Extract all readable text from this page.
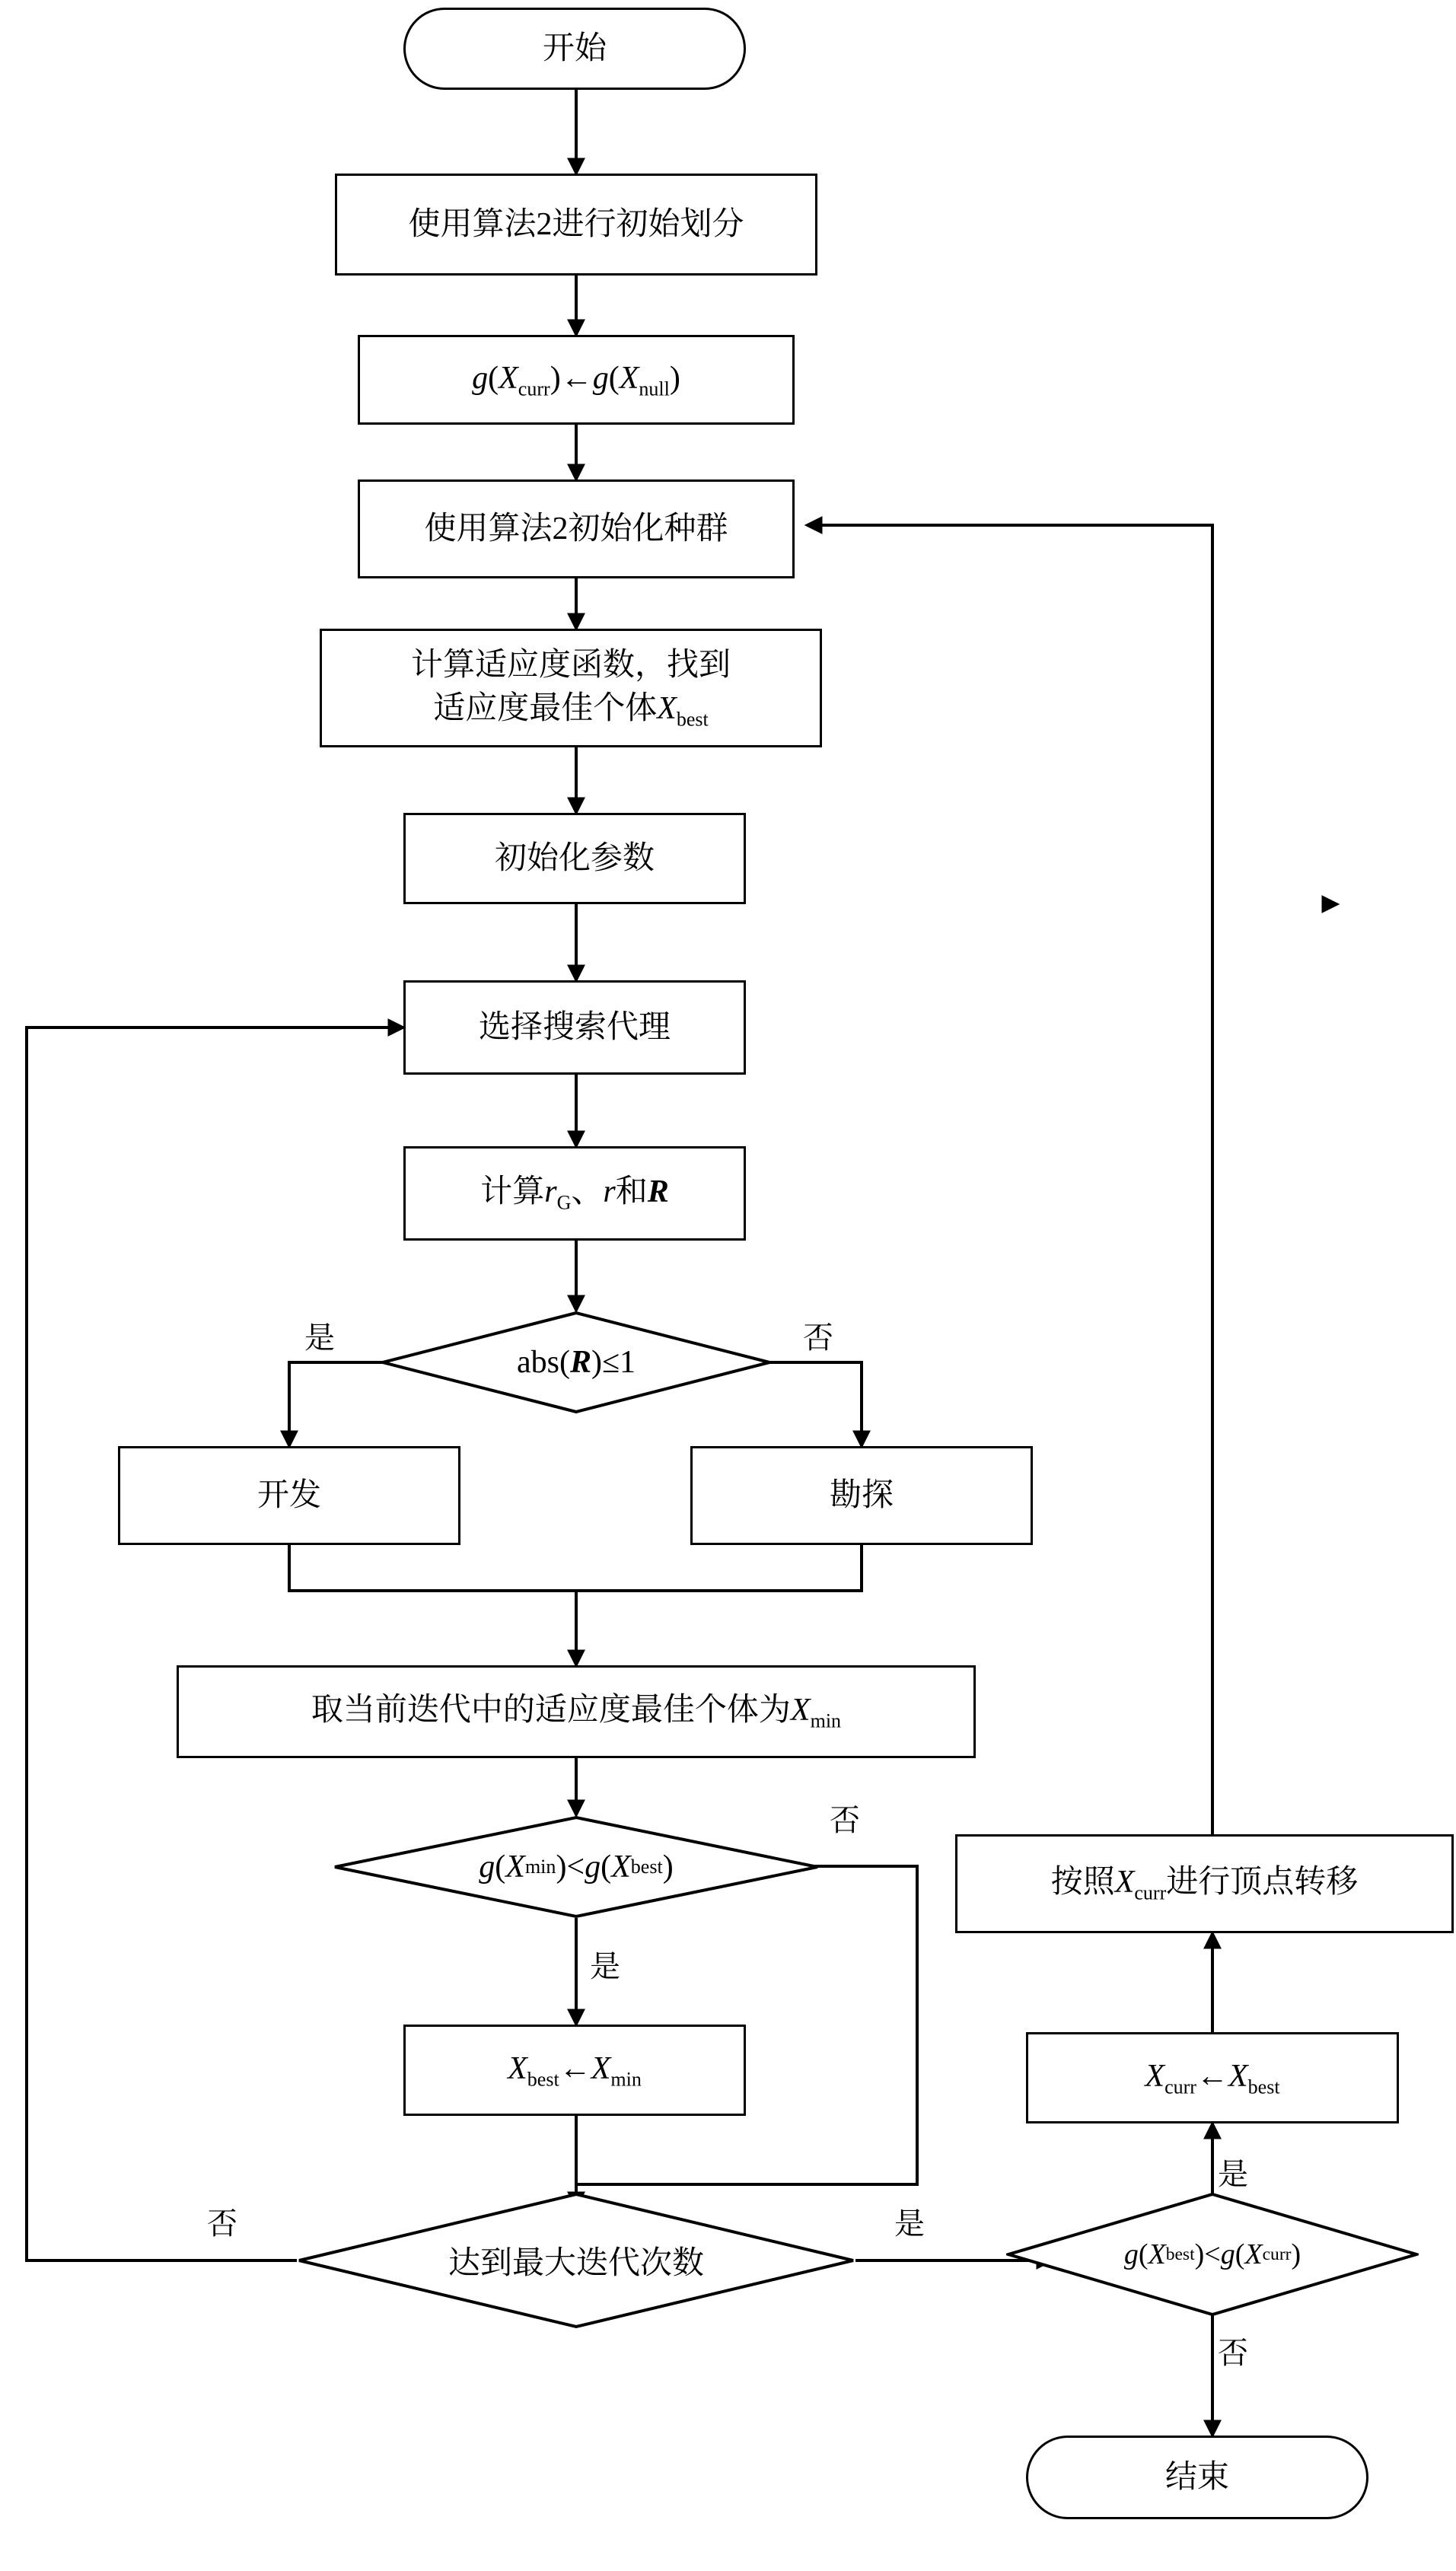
开始
使用算法2进行初始划分
$g(X_{curr})\leftarrow g(X_{null})$
使用算法2初始化种群
计算适应度函数，找到
适应度最佳个体$X_{best}$
初始化参数
选择搜索代理
计算$r_G$、r和R
abs( R )≤1
开发	勘探
取当前迭代中的适应度最佳个体为$X_{min}$
g ( X min )< g ( X best )
$X_{best}\leftarrow X_{min}$
达到最大迭代次数	g ( X best )< g ( X curr )
$X_{curr}\leftarrow X_{best}$
按照$X_{curr}$进行顶点转移
结束
是	否
否
是
否	是
是
否
